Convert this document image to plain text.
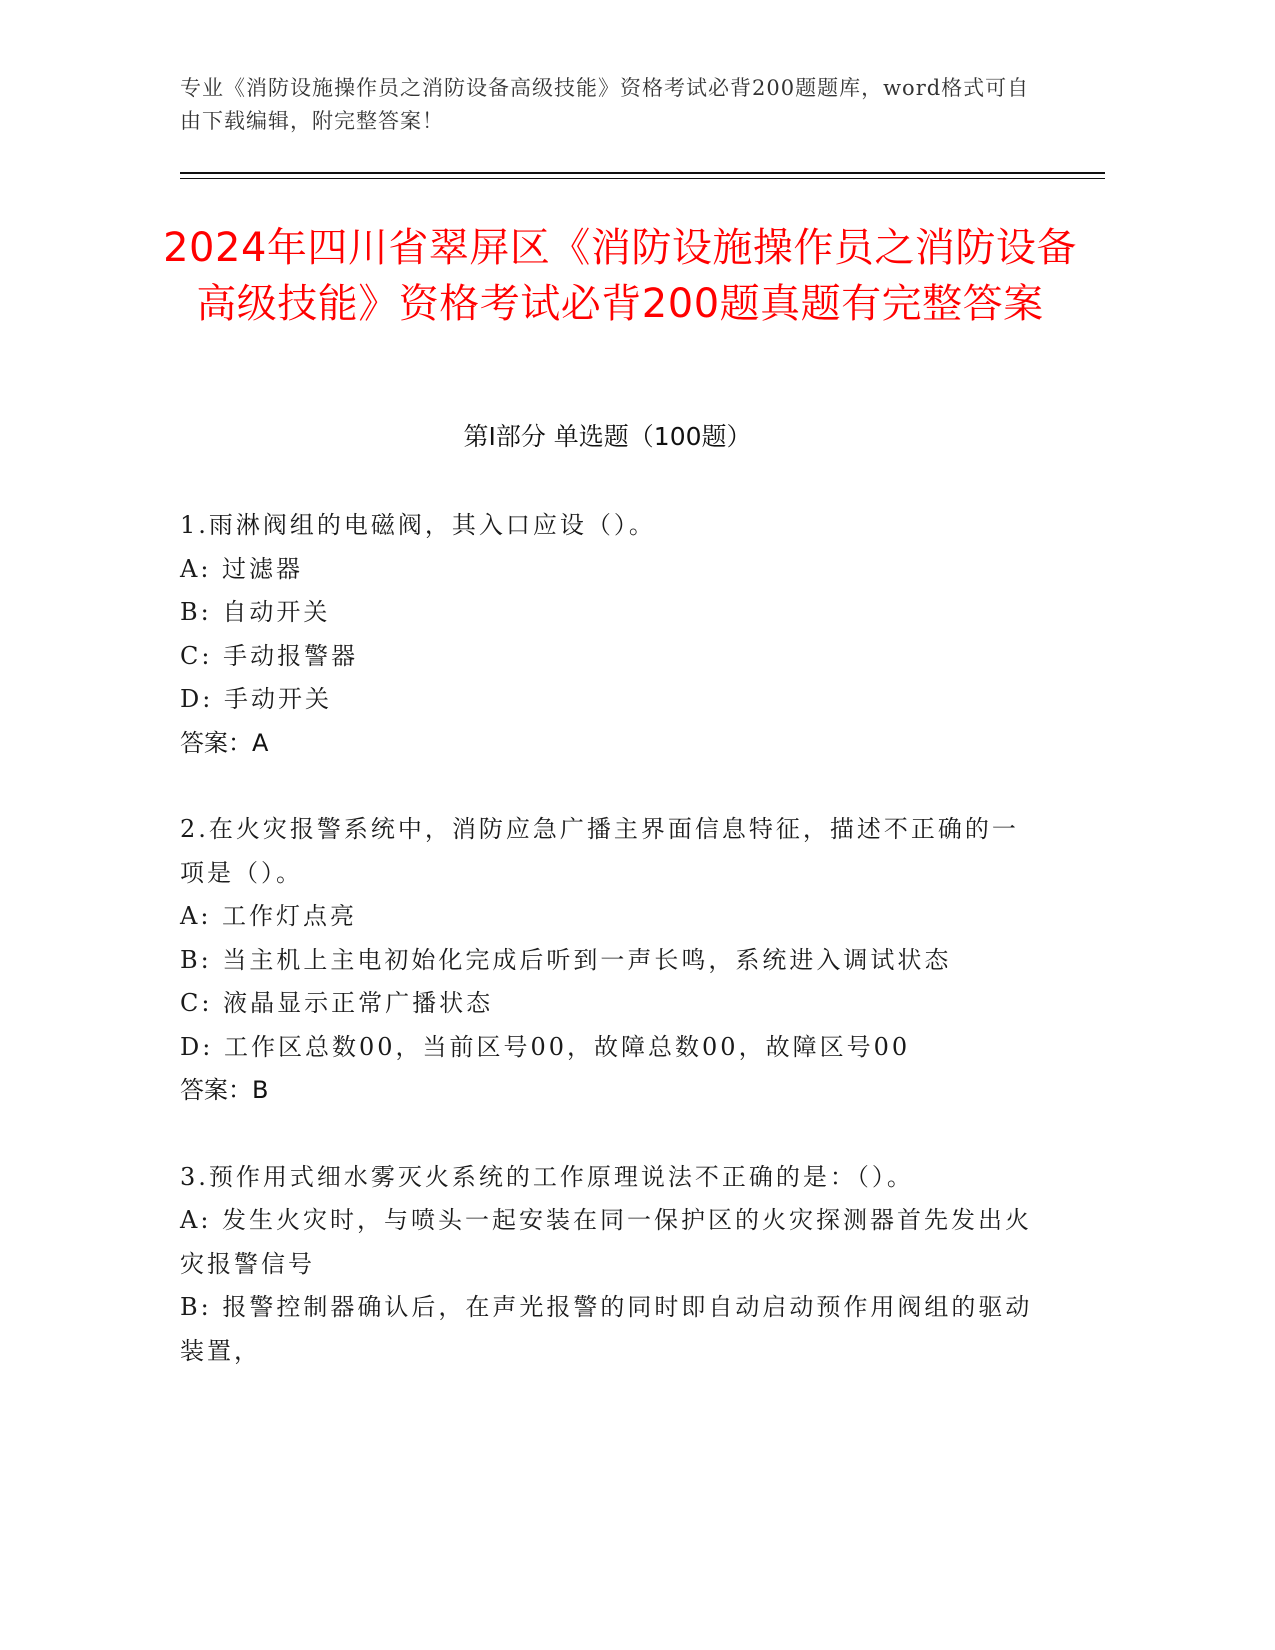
专业《消防设施操作员之消防设备高级技能》资格考试必背200题题库，word格式可自由下载编辑，附完整答案！
2024年四川省翠屏区《消防设施操作员之消防设备高级技能》资格考试必背200题真题有完整答案
第I部分 单选题（100题）
1.雨淋阀组的电磁阀，其入口应设（）。
A: 过滤器
B: 自动开关
C: 手动报警器
D: 手动开关
答案：A
2.在火灾报警系统中，消防应急广播主界面信息特征，描述不正确的一项是（）。
A: 工作灯点亮
B: 当主机上主电初始化完成后听到一声长鸣，系统进入调试状态
C: 液晶显示正常广播状态
D: 工作区总数00，当前区号00，故障总数00，故障区号00
答案：B
3.预作用式细水雾灭火系统的工作原理说法不正确的是：（）。
A: 发生火灾时，与喷头一起安装在同一保护区的火灾探测器首先发出火灾报警信号
B: 报警控制器确认后，在声光报警的同时即自动启动预作用阀组的驱动装置，
